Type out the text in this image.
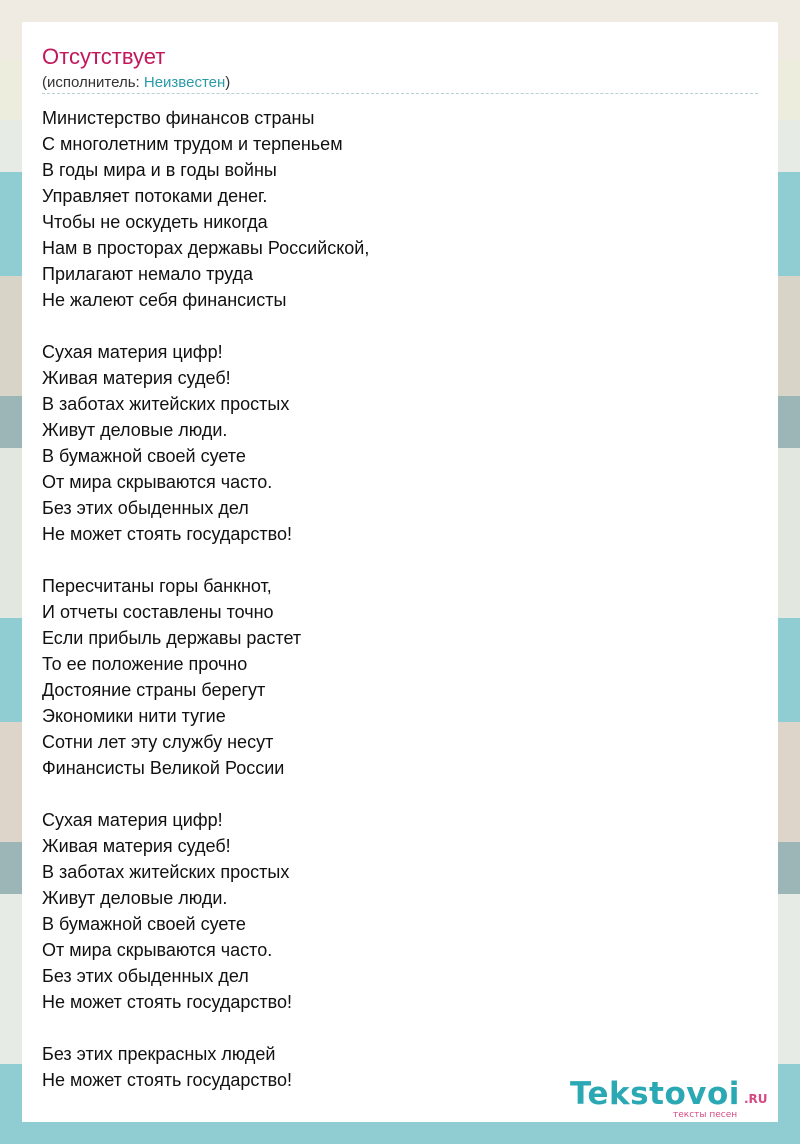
Отсутствует
(исполнитель: Неизвестен)
Министерство финансов страны
С многолетним трудом и терпеньем
В годы мира и в годы войны
Управляет потоками денег.
Чтобы не оскудеть никогда
Нам в просторах державы Российской,
Прилагают немало труда
Не жалеют себя финансисты
Сухая материя цифр!
Живая материя судеб!
В заботах житейских простых
Живут деловые люди.
В бумажной своей суете
От мира скрываются часто.
Без этих обыденных дел
Не может стоять государство!
Пересчитаны горы банкнот,
И отчеты составлены точно
Если прибыль державы растет
То ее положение прочно
Достояние страны берегут
Экономики нити тугие
Сотни лет эту службу несут
Финансисты Великой России
Сухая материя цифр!
Живая материя судеб!
В заботах житейских простых
Живут деловые люди.
В бумажной своей суете
От мира скрываются часто.
Без этих обыденных дел
Не может стоять государство!
Без этих прекрасных людей
Не может стоять государство!	Tekstovoi .RU
тексты песен
